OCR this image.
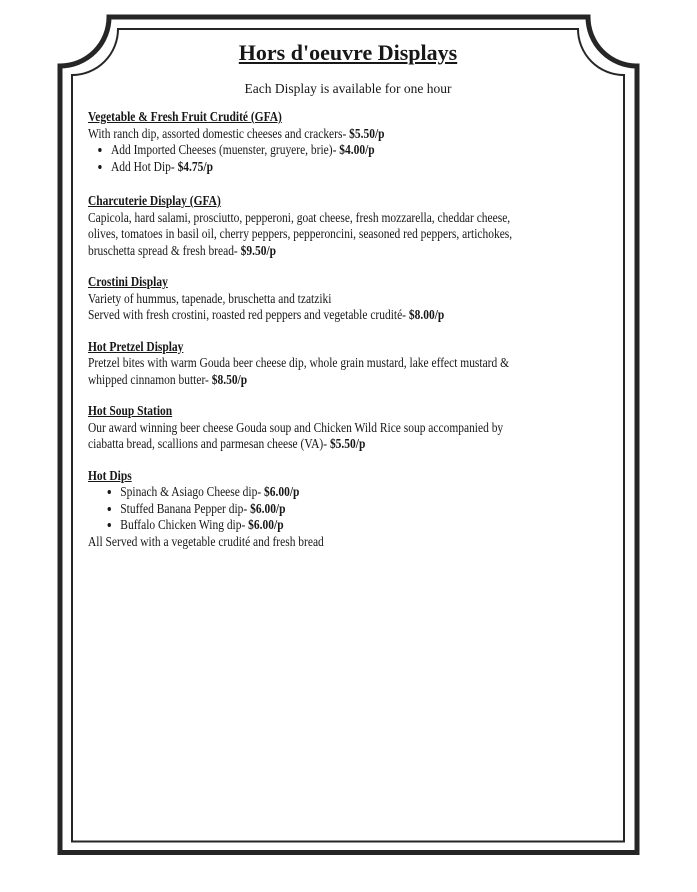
Hors d'oeuvre Displays

Each Display is available for one hour

Vegetable & Fresh Fruit Crudité (GFA)

With ranch dip, assorted domestic cheeses and crackers- $5.50/p

• Add Imported Cheeses (muenster, gruyere, brie)- $4.00/p
• Add Hot Dip- $4.75/p
Charcuterie Display (GFA)

Capicola, hard salami, prosciutto, pepperoni, goat cheese, fresh mozzarella, cheddar cheese, olives, tomatoes in basil oil, cherry peppers, pepperoncini, seasoned red peppers, artichokes, bruschetta spread & fresh bread- $9.50/p

Crostini Display

Variety of hummus, tapenade, bruschetta and tzatziki

Served with fresh crostini, roasted red peppers and vegetable crudité- $8.00/p

Hot Pretzel Display

Pretzel bites with warm Gouda beer cheese dip, whole grain mustard, lake effect mustard & whipped cinnamon butter- $8.50/p

Hot Soup Station

Our award winning beer cheese Gouda soup and Chicken Wild Rice soup accompanied by ciabatta bread, scallions and parmesan cheese (VA)- $5.50/p

Hot Dips
• Spinach & Asiago Cheese dip- $6.00/p
• Stuffed Banana Pepper dip- $6.00/p
• Buffalo Chicken Wing dip- $6.00/p

All Served with a vegetable crudité and fresh bread
